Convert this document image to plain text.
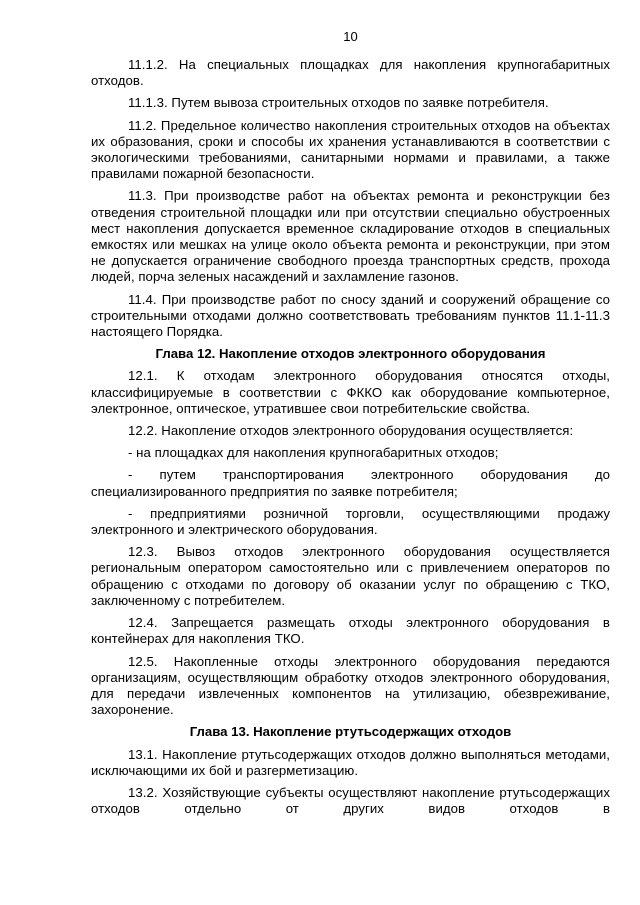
10

11.1.2. На специальных площадках для накопления крупногабаритных отходов.

11.1.3. Путем вывоза строительных отходов по заявке потребителя.

11.2. Предельное количество накопления строительных отходов на объектах их образования, сроки и способы их хранения устанавливаются в соответствии с экологическими требованиями, санитарными нормами и правилами, а также правилами пожарной безопасности.

11.3. При производстве работ на объектах ремонта и реконструкции без отведения строительной площадки или при отсутствии специально обустроенных мест накопления допускается временное складирование отходов в специальных емкостях или мешках на улице около объекта ремонта и реконструкции, при этом не допускается ограничение свободного проезда транспортных средств, прохода людей, порча зеленых насаждений и захламление газонов.

11.4. При производстве работ по сносу зданий и сооружений обращение со строительными отходами должно соответствовать требованиям пунктов 11.1-11.3 настоящего Порядка.

Глава 12. Накопление отходов электронного оборудования

12.1. К отходам электронного оборудования относятся отходы, классифицируемые в соответствии с ФККО как оборудование компьютерное, электронное, оптическое, утратившее свои потребительские свойства.

12.2. Накопление отходов электронного оборудования осуществляется:

- на площадках для накопления крупногабаритных отходов;

- путем транспортирования электронного оборудования до специализированного предприятия по заявке потребителя;

- предприятиями розничной торговли, осуществляющими продажу электронного и электрического оборудования.

12.3. Вывоз отходов электронного оборудования осуществляется региональным оператором самостоятельно или с привлечением операторов по обращению с отходами по договору об оказании услуг по обращению с ТКО, заключенному с потребителем.

12.4. Запрещается размещать отходы электронного оборудования в контейнерах для накопления ТКО.

12.5. Накопленные отходы электронного оборудования передаются организациям, осуществляющим обработку отходов электронного оборудования, для передачи извлеченных компонентов на утилизацию, обезвреживание, захоронение.

Глава 13. Накопление ртутьсодержащих отходов

13.1. Накопление ртутьсодержащих отходов должно выполняться методами, исключающими их бой и разгерметизацию.

13.2. Хозяйствующие субъекты осуществляют накопление ртутьсодержащих отходов отдельно от других видов отходов в
